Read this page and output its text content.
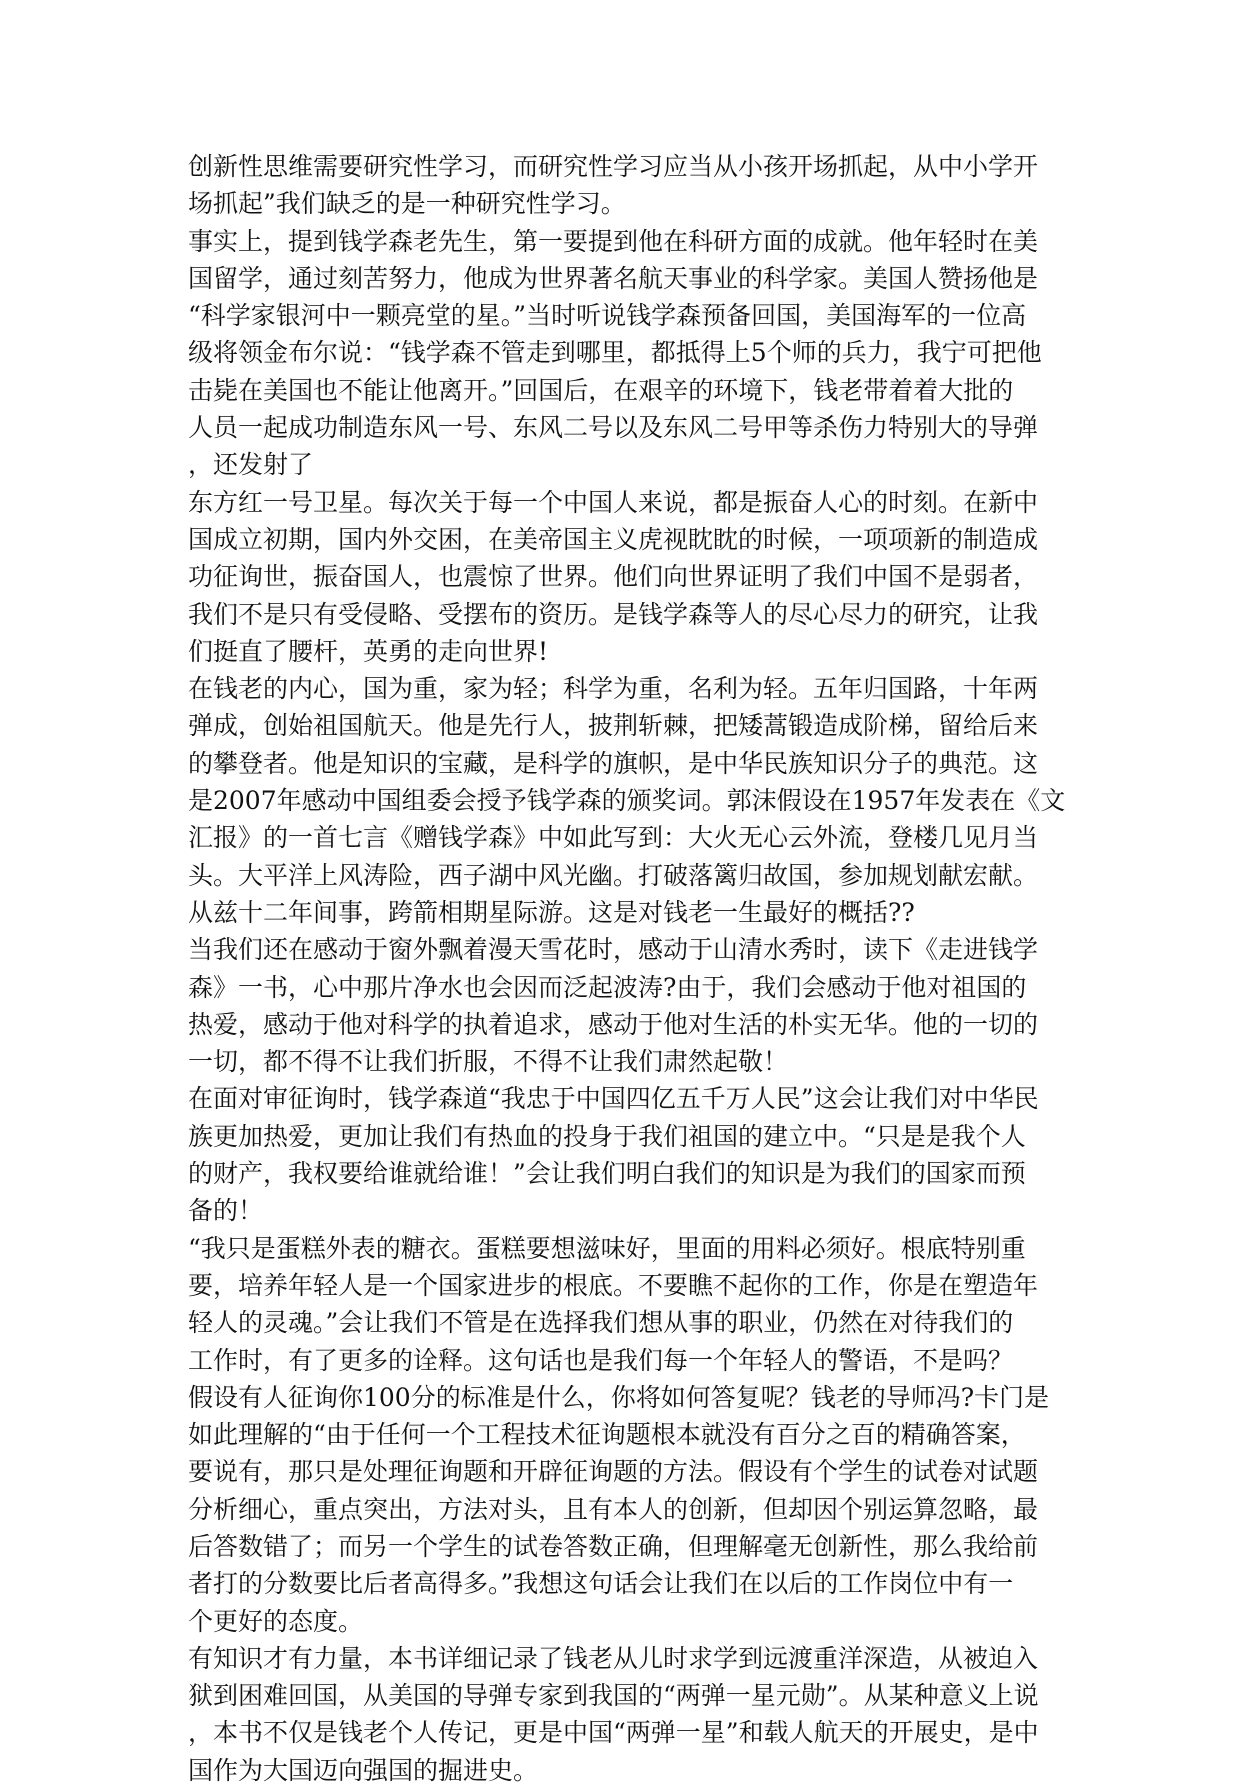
创新性思维需要研究性学习，而研究性学习应当从小孩开场抓起，从中小学开
场抓起”我们缺乏的是一种研究性学习。
事实上，提到钱学森老先生，第一要提到他在科研方面的成就。他年轻时在美
国留学，通过刻苦努力，他成为世界著名航天事业的科学家。美国人赞扬他是
“科学家银河中一颗亮堂的星。”当时听说钱学森预备回国，美国海军的一位高
级将领金布尔说：“钱学森不管走到哪里，都抵得上5个师的兵力，我宁可把他
击毙在美国也不能让他离开。”回国后，在艰辛的环境下，钱老带着着大批的
人员一起成功制造东风一号、东风二号以及东风二号甲等杀伤力特别大的导弹
，还发射了
东方红一号卫星。每次关于每一个中国人来说，都是振奋人心的时刻。在新中
国成立初期，国内外交困，在美帝国主义虎视眈眈的时候，一项项新的制造成
功征询世，振奋国人，也震惊了世界。他们向世界证明了我们中国不是弱者，
我们不是只有受侵略、受摆布的资历。是钱学森等人的尽心尽力的研究，让我
们挺直了腰杆，英勇的走向世界!
在钱老的内心，国为重，家为轻；科学为重，名利为轻。五年归国路，十年两
弹成，创始祖国航天。他是先行人，披荆斩棘，把矮蒿锻造成阶梯，留给后来
的攀登者。他是知识的宝藏，是科学的旗帜，是中华民族知识分子的典范。这
是2007年感动中国组委会授予钱学森的颁奖词。郭沫假设在1957年发表在《文
汇报》的一首七言《赠钱学森》中如此写到：大火无心云外流，登楼几见月当
头。大平洋上风涛险，西子湖中风光幽。打破落篱归故国，参加规划献宏献。
从兹十二年间事，跨箭相期星际游。这是对钱老一生最好的概括??
当我们还在感动于窗外飘着漫天雪花时，感动于山清水秀时，读下《走进钱学
森》一书，心中那片净水也会因而泛起波涛?由于，我们会感动于他对祖国的
热爱，感动于他对科学的执着追求，感动于他对生活的朴实无华。他的一切的
一切，都不得不让我们折服，不得不让我们肃然起敬！
在面对审征询时，钱学森道“我忠于中国四亿五千万人民”这会让我们对中华民
族更加热爱，更加让我们有热血的投身于我们祖国的建立中。“只是是我个人
的财产，我权要给谁就给谁！”会让我们明白我们的知识是为我们的国家而预
备的！
“我只是蛋糕外表的糖衣。蛋糕要想滋味好，里面的用料必须好。根底特别重
要，培养年轻人是一个国家进步的根底。不要瞧不起你的工作，你是在塑造年
轻人的灵魂。”会让我们不管是在选择我们想从事的职业，仍然在对待我们的
工作时，有了更多的诠释。这句话也是我们每一个年轻人的警语，不是吗？
假设有人征询你100分的标准是什么，你将如何答复呢？钱老的导师冯?卡门是
如此理解的“由于任何一个工程技术征询题根本就没有百分之百的精确答案，
要说有，那只是处理征询题和开辟征询题的方法。假设有个学生的试卷对试题
分析细心，重点突出，方法对头，且有本人的创新，但却因个别运算忽略，最
后答数错了；而另一个学生的试卷答数正确，但理解毫无创新性，那么我给前
者打的分数要比后者高得多。”我想这句话会让我们在以后的工作岗位中有一
个更好的态度。
有知识才有力量，本书详细记录了钱老从儿时求学到远渡重洋深造，从被迫入
狱到困难回国，从美国的导弹专家到我国的“两弹一星元勋”。从某种意义上说
，本书不仅是钱老个人传记，更是中国“两弹一星”和载人航天的开展史，是中
国作为大国迈向强国的掘进史。
